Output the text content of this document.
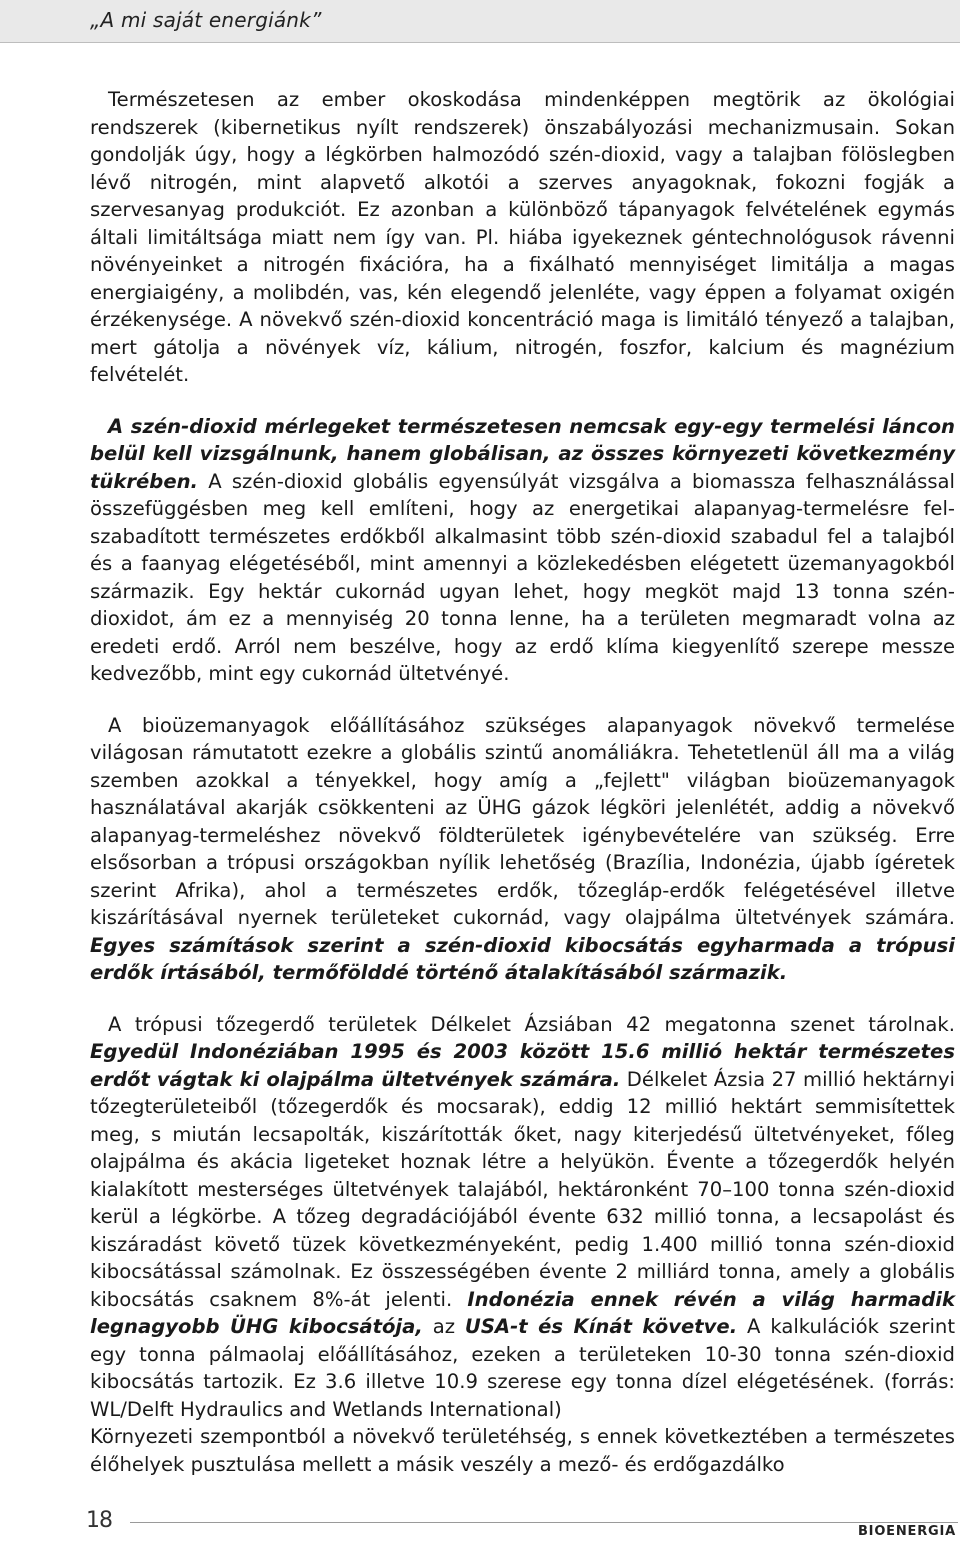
„A mi saját energiánk”

Természetesen az ember okoskodása mindenképpen megtörik az ökológiai rendszerek (kibernetikus nyílt rendszerek) önszabályozási mechanizmusain. Sokan gondolják úgy, hogy a légkörben halmozódó szén-dioxid, vagy a talajban fölöslegben lévő nitrogén, mint alapvető alkotói a szerves anyagoknak, fokozni fogják a szervesanyag produkciót. Ez azonban a különböző tápanyagok felvételének egymás általi limitáltsága miatt nem így van. Pl. hiába igyekeznek géntechnológusok rávenni növényeinket a nitrogén fixációra, ha a fixálható mennyiséget limitálja a magas energiaigény, a molibdén, vas, kén elegendő jelenléte, vagy éppen a folyamat oxigén érzékenysége. A növekvő szén-dioxid koncentráció maga is limitáló tényező a talajban, mert gátolja a növények víz, kálium, nitrogén, foszfor, kalcium és magnézium felvételét.

A szén-dioxid mérlegeket természetesen nemcsak egy-egy termelési láncon belül kell vizsgálnunk, hanem globálisan, az összes környezeti következmény tükrében. A szén-dioxid globális egyensúlyát vizsgálva a biomassza felhasználással összefüggésben meg kell említeni, hogy az energetikai alapanyag-termelésre felszabadított természetes erdőkből alkalmasint több szén-dioxid szabadul fel a talajból és a faanyag elégetéséből, mint amennyi a közlekedésben elégetett üzemanyagokból származik. Egy hektár cukornád ugyan lehet, hogy megköt majd 13 tonna szén-dioxidot, ám ez a mennyiség 20 tonna lenne, ha a területen megmaradt volna az eredeti erdő. Arról nem beszélve, hogy az erdő klíma kiegyenlítő szerepe messze kedvezőbb, mint egy cukornád ültetvényé.

A bioüzemanyagok előállításához szükséges alapanyagok növekvő termelése világosan rámutatott ezekre a globális szintű anomáliákra. Tehetetlenül áll ma a világ szemben azokkal a tényekkel, hogy amíg a „fejlett" világban bioüzemanyagok használatával akarják csökkenteni az ÜHG gázok légköri jelenlétét, addig a növekvő alapanyag-termeléshez növekvő földterületek igénybevételére van szükség. Erre elsősorban a trópusi országokban nyílik lehetőség (Brazília, Indonézia, újabb ígéretek szerint Afrika), ahol a természetes erdők, tőzegláp-erdők felégetésével illetve kiszárításával nyernek területeket cukornád, vagy olajpálma ültetvények számára. Egyes számítások szerint a szén-dioxid kibocsátás egyharmada a trópusi erdők írtásából, termőfölddé történő átalakításából származik.

A trópusi tőzegerdő területek Délkelet Ázsiában 42 megatonna szenet tárolnak. Egyedül Indonéziában 1995 és 2003 között 15.6 millió hektár természetes erdőt vágtak ki olajpálma ültetvények számára. Délkelet Ázsia 27 millió hektárnyi tőzegterületeiből (tőzegerdők és mocsarak), eddig 12 millió hektárt semmisítettek meg, s miután lecsapolták, kiszárították őket, nagy kiterjedésű ültetvényeket, főleg olajpálma és akácia ligeteket hoznak létre a helyükön. Évente a tőzegerdők helyén kialakított mesterséges ültetvények talajából, hektáronként 70–100 tonna szén-dioxid kerül a légkörbe. A tőzeg degradációjából évente 632 millió tonna, a lecsapolást és kiszáradást követő tüzek következményeként, pedig 1.400 millió tonna szén-dioxid kibocsátással számolnak. Ez összességében évente 2 milliárd tonna, amely a globális kibocsátás csaknem 8%-át jelenti. Indonézia ennek révén a világ harmadik legnagyobb ÜHG kibocsátója, az USA-t és Kínát követve. A kalkulációk szerint egy tonna pálmaolaj előállításához, ezeken a területeken 10-30 tonna szén-dioxid kibocsátás tartozik. Ez 3.6 illetve 10.9 szerese egy tonna dízel elégetésének. (forrás: WL/Delft Hydraulics and Wetlands International)

Környezeti szempontból a növekvő területéhség, s ennek következtében a természetes élőhelyek pusztulása mellett a másik veszély a mező- és erdőgazdálko

18	BIOENERGIA
